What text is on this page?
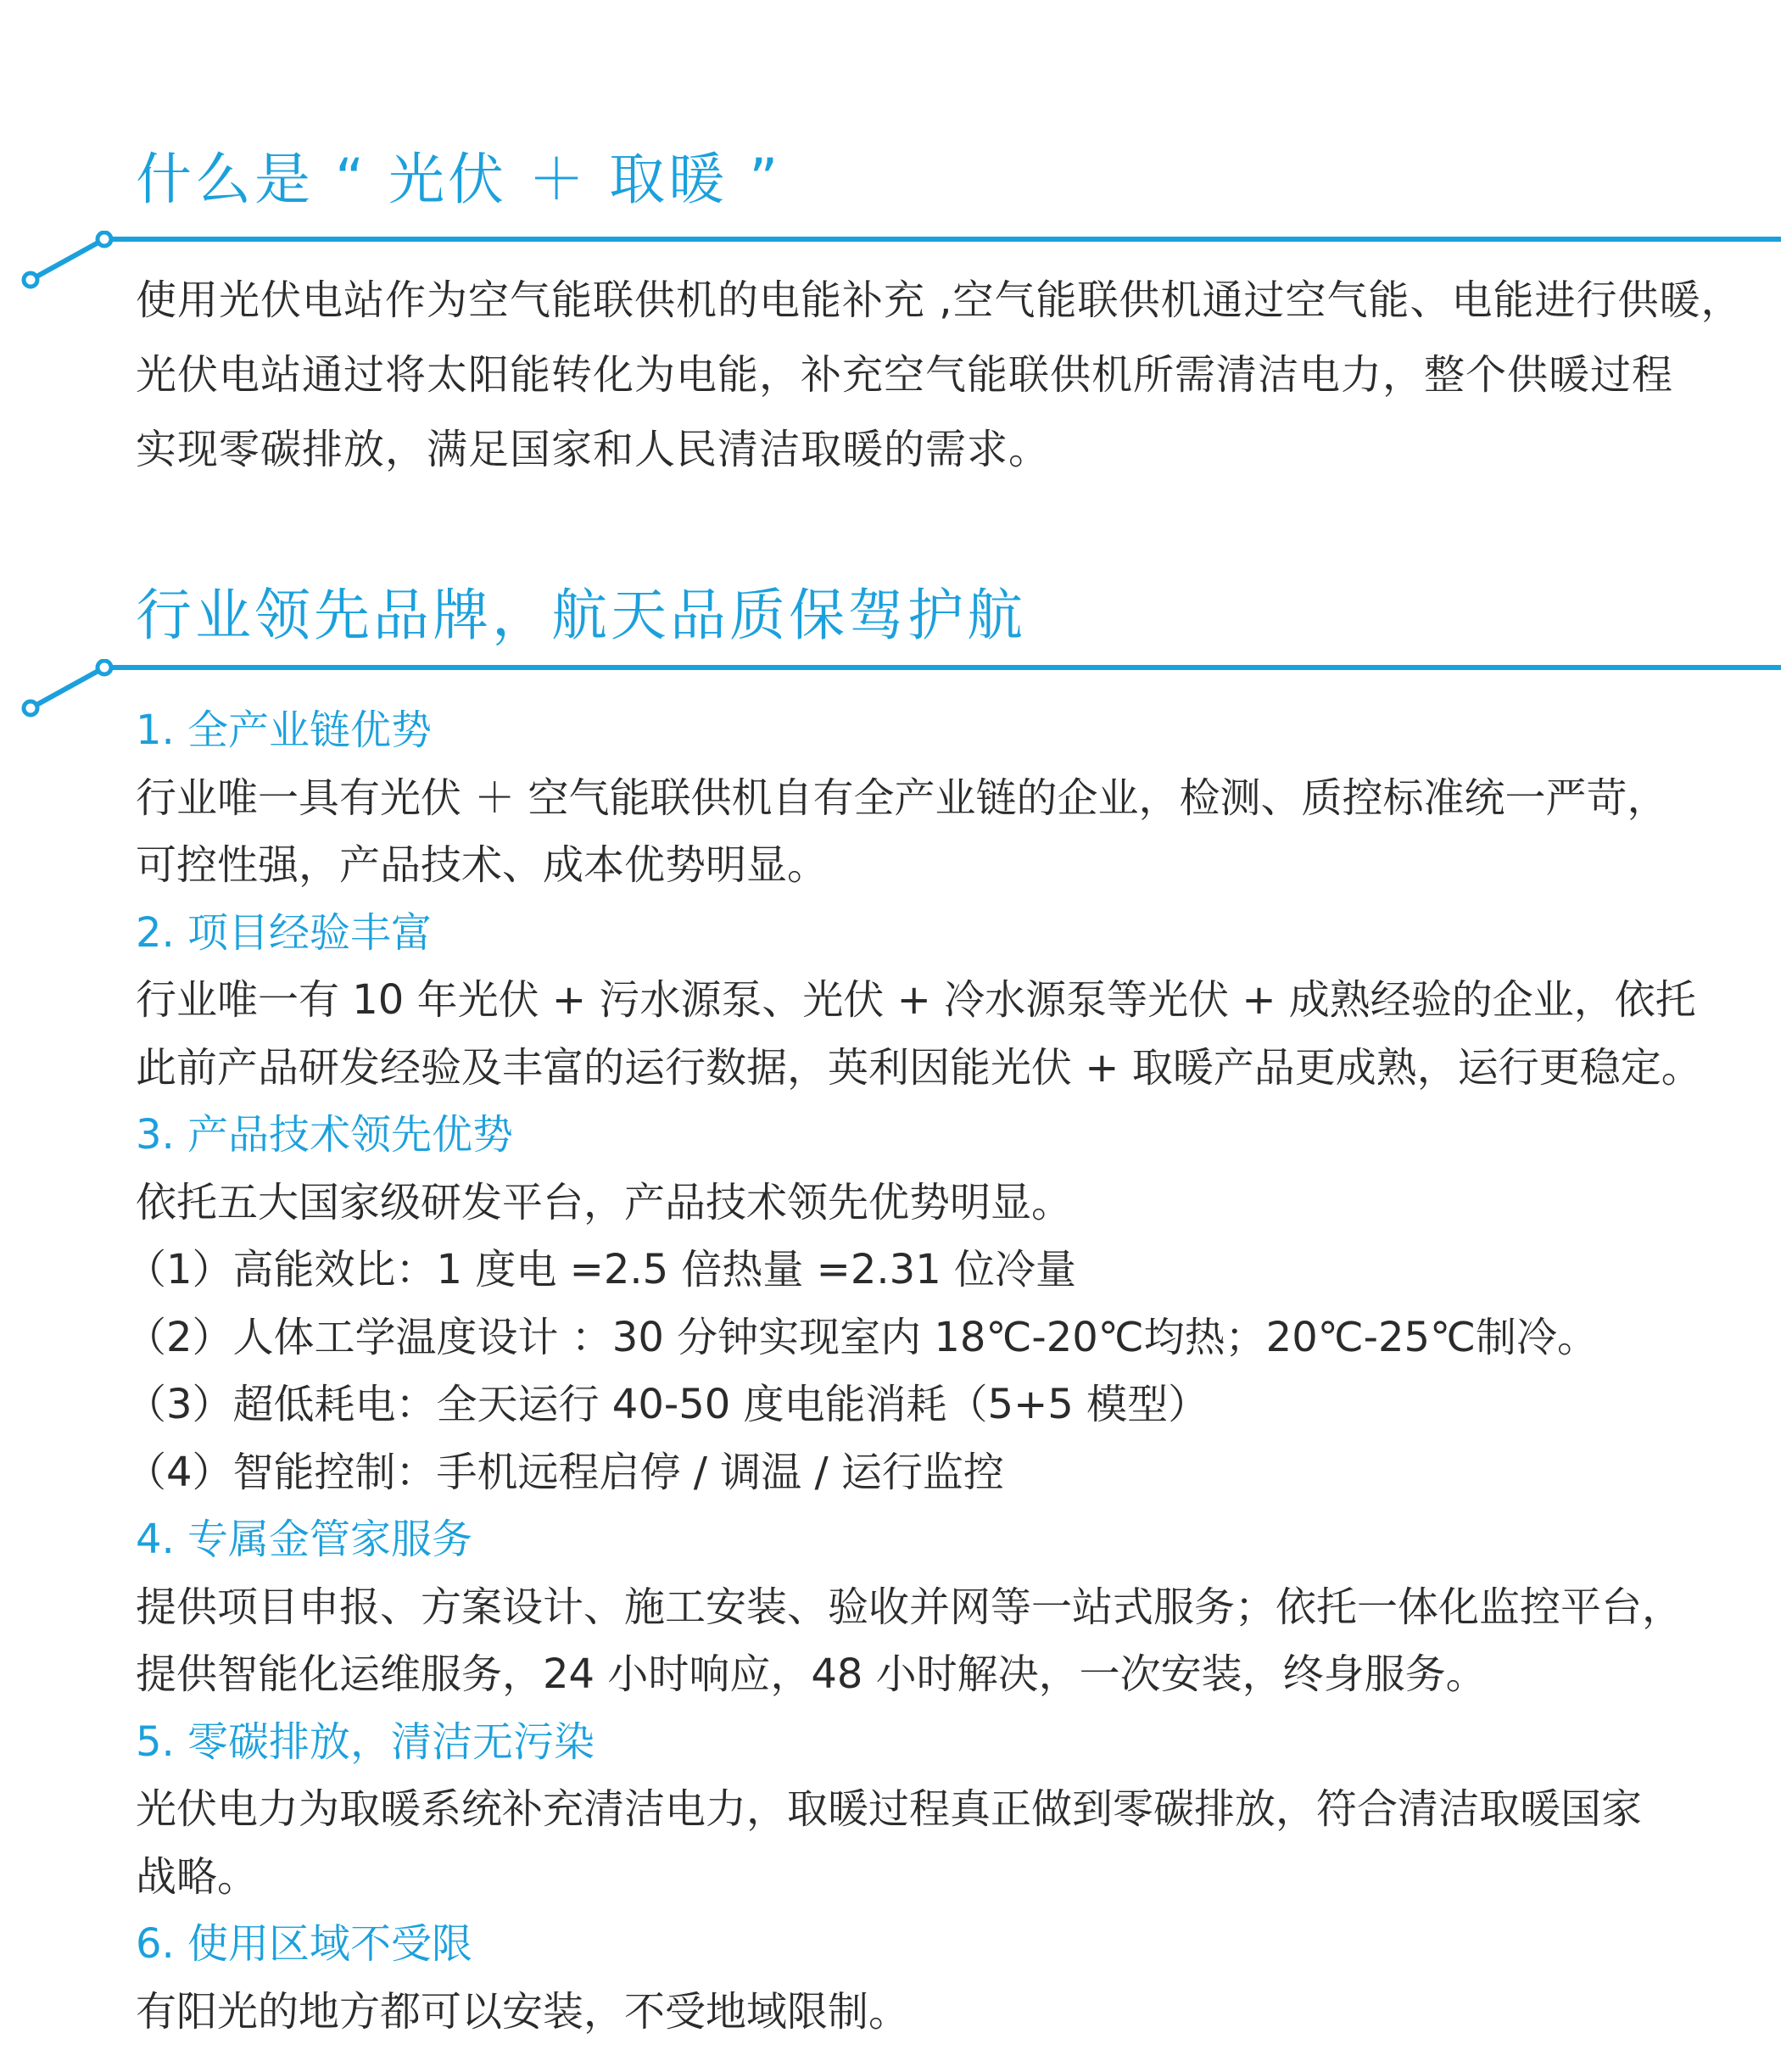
什么是 “ 光伏 ＋ 取暖 ”
使用光伏电站作为空气能联供机的电能补充 ,空气能联供机通过空气能、电能进行供暖，
光伏电站通过将太阳能转化为电能，补充空气能联供机所需清洁电力，整个供暖过程
实现零碳排放，满足国家和人民清洁取暖的需求。
行业领先品牌，航天品质保驾护航
1. 全产业链优势
行业唯一具有光伏 ＋ 空气能联供机自有全产业链的企业，检测、质控标准统一严苛，
可控性强，产品技术、成本优势明显。
2. 项目经验丰富
行业唯一有 10 年光伏 + 污水源泵、光伏 + 冷水源泵等光伏 + 成熟经验的企业，依托
此前产品研发经验及丰富的运行数据，英利因能光伏 + 取暖产品更成熟，运行更稳定。
3. 产品技术领先优势
依托五大国家级研发平台，产品技术领先优势明显。
（1）高能效比：1 度电 =2.5 倍热量 =2.31 位冷量
（2）人体工学温度设计 ：30 分钟实现室内 18℃-20℃均热；20℃-25℃制冷。
（3）超低耗电：全天运行 40-50 度电能消耗（5+5 模型）
（4）智能控制：手机远程启停 / 调温 / 运行监控
4. 专属金管家服务
提供项目申报、方案设计、施工安装、验收并网等一站式服务；依托一体化监控平台，
提供智能化运维服务，24 小时响应，48 小时解决，一次安装，终身服务。
5. 零碳排放，清洁无污染
光伏电力为取暖系统补充清洁电力，取暖过程真正做到零碳排放，符合清洁取暖国家
战略。
6. 使用区域不受限
有阳光的地方都可以安装，不受地域限制。
